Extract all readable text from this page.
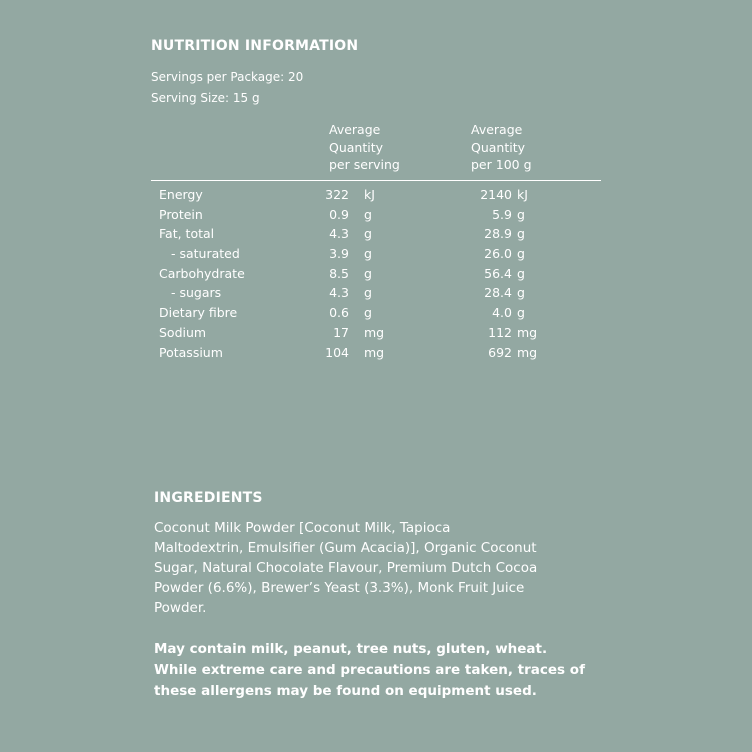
NUTRITION INFORMATION
Servings per Package: 20
Serving Size: 15 g
Average
Quantity
per serving
Average
Quantity
per 100 g
Energy	322 kJ	2140 kJ
Protein	0.9 g	5.9 g
Fat, total	4.3 g	28.9 g
- saturated	3.9 g	26.0 g
Carbohydrate	8.5 g	56.4 g
- sugars	4.3 g	28.4 g
Dietary fibre	0.6 g	4.0 g
Sodium	17 mg	112 mg
Potassium	104 mg	692 mg
INGREDIENTS

Coconut Milk Powder [Coconut Milk, Tapioca
Maltodextrin, Emulsifier (Gum Acacia)], Organic Coconut
Sugar, Natural Chocolate Flavour, Premium Dutch Cocoa
Powder (6.6%), Brewer’s Yeast (3.3%), Monk Fruit Juice
Powder.

May contain milk, peanut, tree nuts, gluten, wheat.
While extreme care and precautions are taken, traces of
these allergens may be found on equipment used.
